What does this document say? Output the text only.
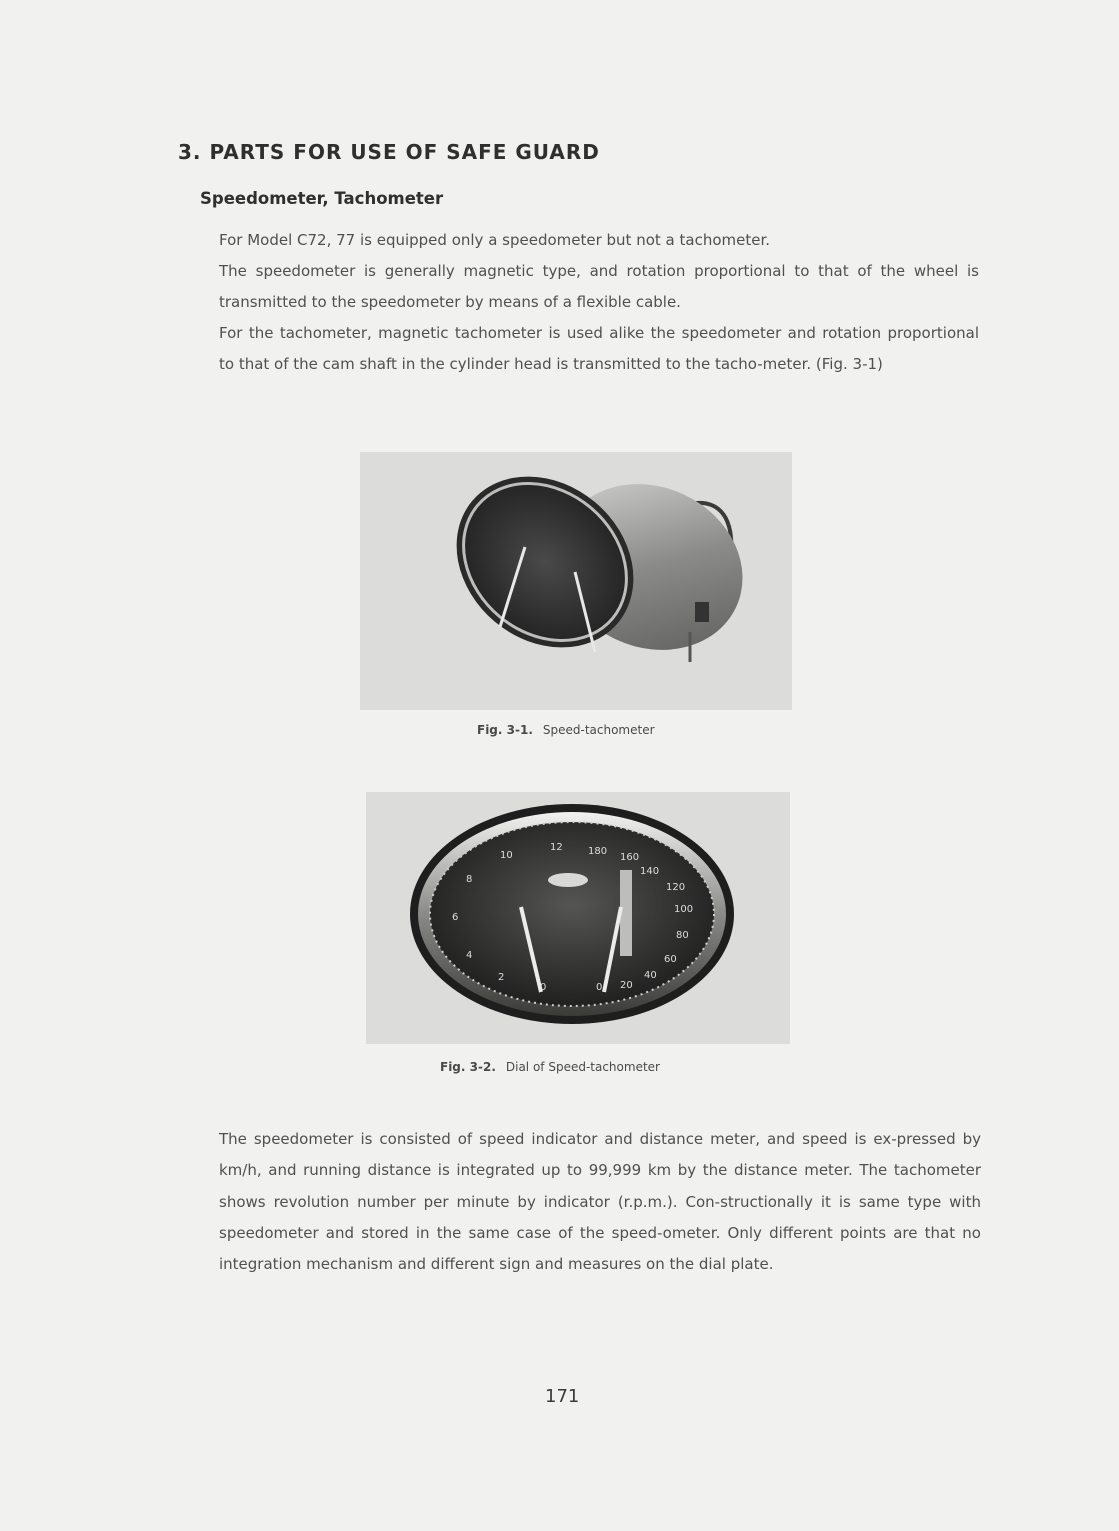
3. PARTS FOR USE OF SAFE GUARD
Speedometer, Tachometer

For Model C72, 77 is equipped only a speedometer but not a tachometer.

The speedometer is generally magnetic type, and rotation proportional to that of the wheel is transmitted to the speedometer by means of a flexible cable.

For the tachometer, magnetic tachometer is used alike the speedometer and rotation proportional to that of the cam shaft in the cylinder head is transmitted to the tacho-meter. (Fig. 3-1)

Fig. 3-1. Speed-tachometer

10
12	180
160
140
120
100
80
60
40
20
0
8
6
4
2
0

Fig. 3-2. Dial of Speed-tachometer

The speedometer is consisted of speed indicator and distance meter, and speed is ex-pressed by km/h, and running distance is integrated up to 99,999 km by the distance meter. The tachometer shows revolution number per minute by indicator (r.p.m.). Con-structionally it is same type with speedometer and stored in the same case of the speed-ometer. Only different points are that no integration mechanism and different sign and measures on the dial plate.

171
